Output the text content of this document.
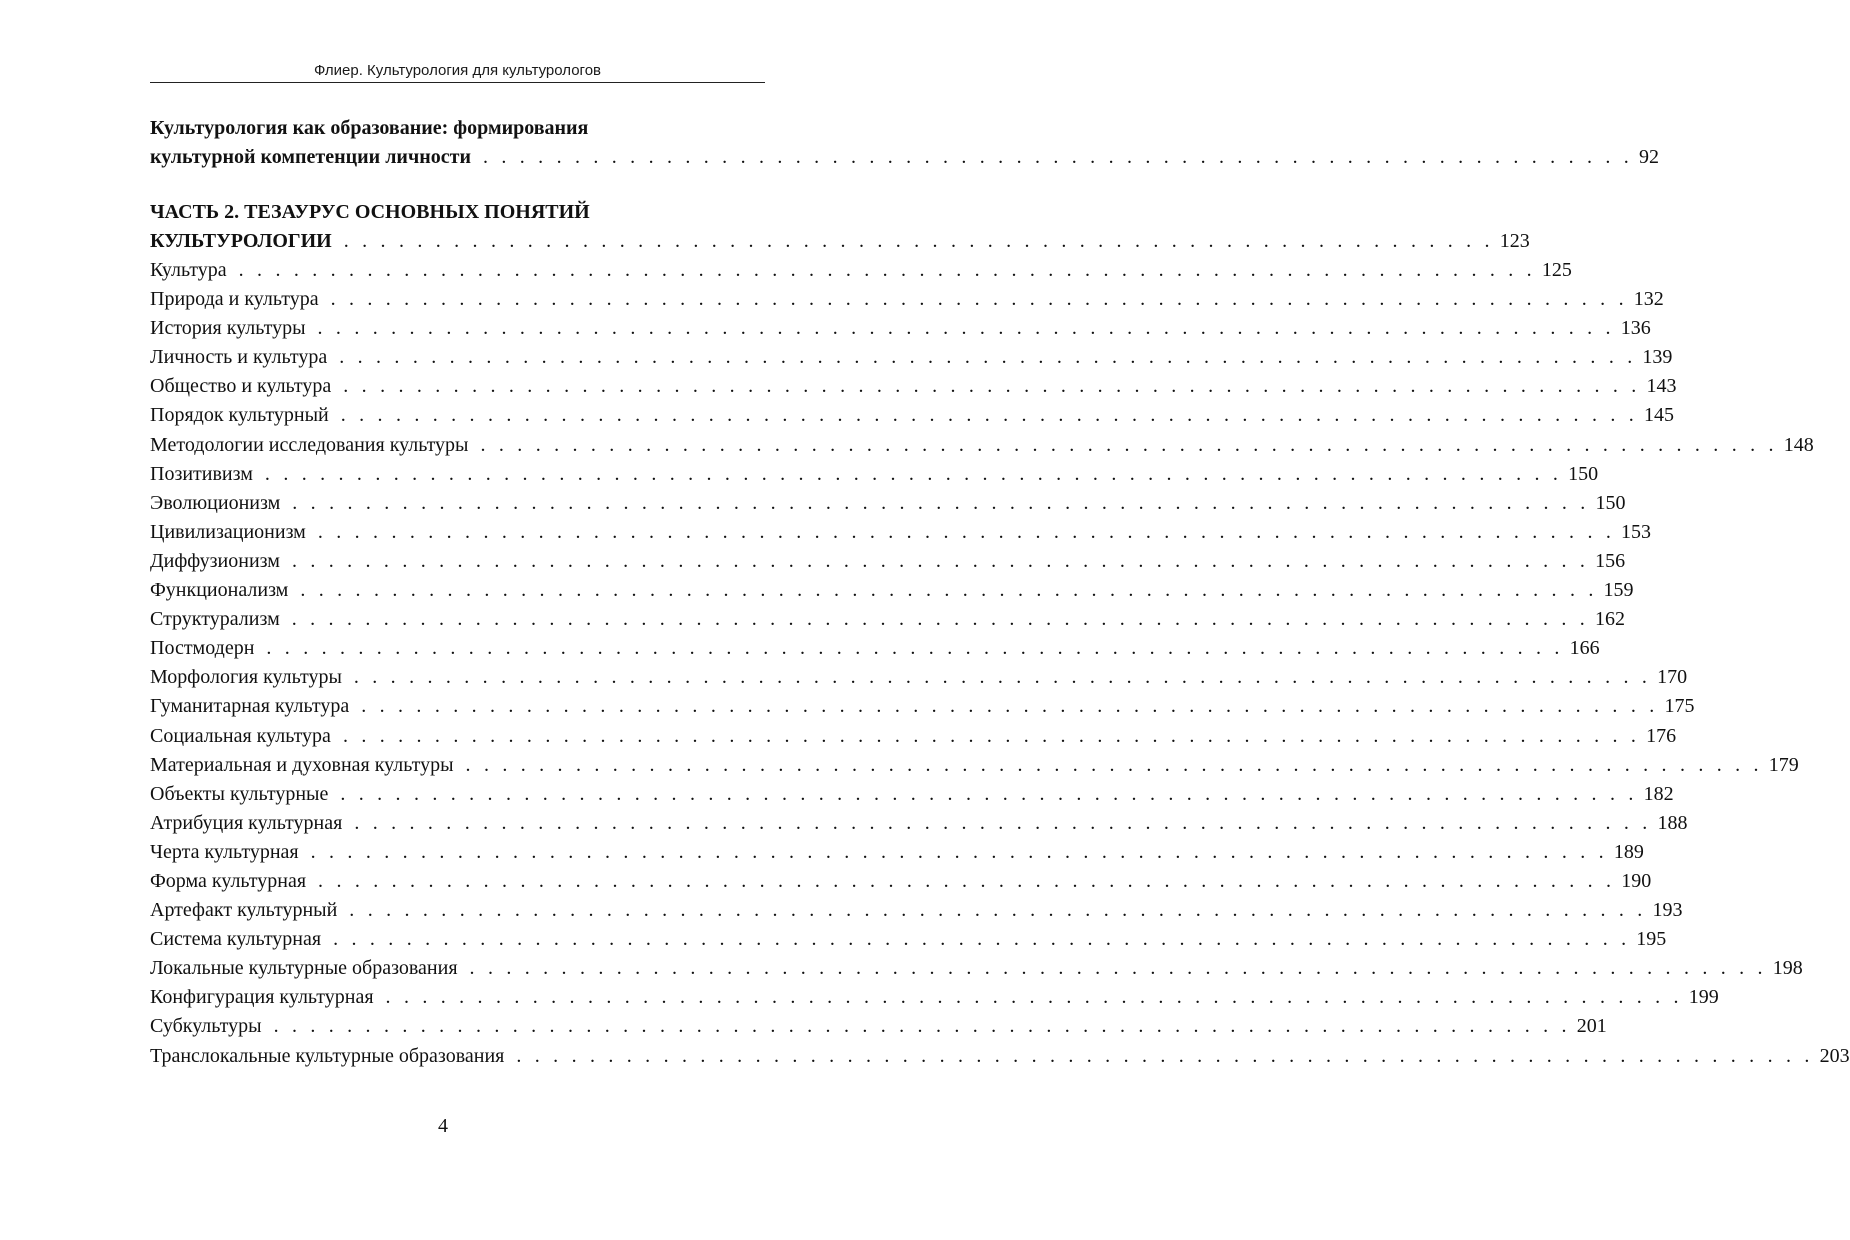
Флиер. Культурология для культурологов
Культурология как образование: формирования
культурной компетенции личности . . . . . . . . . . . . . . . . . . . . . . . . . . . . . . . . . . . . . . . . . . . . . . . . . . . . . . . . . . . . . . . 92
ЧАСТЬ 2. ТЕЗАУРУС ОСНОВНЫХ ПОНЯТИЙ
КУЛЬТУРОЛОГИИ . . . . . . . . . . . . . . . . . . . . . . . . . . . . . . . . . . . . . . . . . . . . . . . . . . . . . . . . . . . . . . . 123
Культура . . . . . . . . . . . . . . . . . . . . . . . . . . . . . . . . . . . . . . . . . . . . . . . . . . . . . . . . . . . . . . . . . . . . . . . 125
Природа и культура . . . . . . . . . . . . . . . . . . . . . . . . . . . . . . . . . . . . . . . . . . . . . . . . . . . . . . . . . . . . . . . . . . . . . . . 132
История культуры . . . . . . . . . . . . . . . . . . . . . . . . . . . . . . . . . . . . . . . . . . . . . . . . . . . . . . . . . . . . . . . . . . . . . . . 136
Личность и культура . . . . . . . . . . . . . . . . . . . . . . . . . . . . . . . . . . . . . . . . . . . . . . . . . . . . . . . . . . . . . . . . . . . . . . . 139
Общество и культура . . . . . . . . . . . . . . . . . . . . . . . . . . . . . . . . . . . . . . . . . . . . . . . . . . . . . . . . . . . . . . . . . . . . . . . 143
Порядок культурный . . . . . . . . . . . . . . . . . . . . . . . . . . . . . . . . . . . . . . . . . . . . . . . . . . . . . . . . . . . . . . . . . . . . . . . 145
Методологии исследования культуры . . . . . . . . . . . . . . . . . . . . . . . . . . . . . . . . . . . . . . . . . . . . . . . . . . . . . . . . . . . . . . . . . . . . . . . 148
Позитивизм . . . . . . . . . . . . . . . . . . . . . . . . . . . . . . . . . . . . . . . . . . . . . . . . . . . . . . . . . . . . . . . . . . . . . . . 150
Эволюционизм . . . . . . . . . . . . . . . . . . . . . . . . . . . . . . . . . . . . . . . . . . . . . . . . . . . . . . . . . . . . . . . . . . . . . . . 150
Цивилизационизм . . . . . . . . . . . . . . . . . . . . . . . . . . . . . . . . . . . . . . . . . . . . . . . . . . . . . . . . . . . . . . . . . . . . . . . 153
Диффузионизм . . . . . . . . . . . . . . . . . . . . . . . . . . . . . . . . . . . . . . . . . . . . . . . . . . . . . . . . . . . . . . . . . . . . . . . 156
Функционализм . . . . . . . . . . . . . . . . . . . . . . . . . . . . . . . . . . . . . . . . . . . . . . . . . . . . . . . . . . . . . . . . . . . . . . . 159
Структурализм . . . . . . . . . . . . . . . . . . . . . . . . . . . . . . . . . . . . . . . . . . . . . . . . . . . . . . . . . . . . . . . . . . . . . . . 162
Постмодерн . . . . . . . . . . . . . . . . . . . . . . . . . . . . . . . . . . . . . . . . . . . . . . . . . . . . . . . . . . . . . . . . . . . . . . . 166
Морфология культуры . . . . . . . . . . . . . . . . . . . . . . . . . . . . . . . . . . . . . . . . . . . . . . . . . . . . . . . . . . . . . . . . . . . . . . . 170
Гуманитарная культура . . . . . . . . . . . . . . . . . . . . . . . . . . . . . . . . . . . . . . . . . . . . . . . . . . . . . . . . . . . . . . . . . . . . . . . 175
Социальная культура . . . . . . . . . . . . . . . . . . . . . . . . . . . . . . . . . . . . . . . . . . . . . . . . . . . . . . . . . . . . . . . . . . . . . . . 176
Материальная и духовная культуры . . . . . . . . . . . . . . . . . . . . . . . . . . . . . . . . . . . . . . . . . . . . . . . . . . . . . . . . . . . . . . . . . . . . . . . 179
Объекты культурные . . . . . . . . . . . . . . . . . . . . . . . . . . . . . . . . . . . . . . . . . . . . . . . . . . . . . . . . . . . . . . . . . . . . . . . 182
Атрибуция культурная . . . . . . . . . . . . . . . . . . . . . . . . . . . . . . . . . . . . . . . . . . . . . . . . . . . . . . . . . . . . . . . . . . . . . . . 188
Черта культурная . . . . . . . . . . . . . . . . . . . . . . . . . . . . . . . . . . . . . . . . . . . . . . . . . . . . . . . . . . . . . . . . . . . . . . . 189
Форма культурная . . . . . . . . . . . . . . . . . . . . . . . . . . . . . . . . . . . . . . . . . . . . . . . . . . . . . . . . . . . . . . . . . . . . . . . 190
Артефакт культурный . . . . . . . . . . . . . . . . . . . . . . . . . . . . . . . . . . . . . . . . . . . . . . . . . . . . . . . . . . . . . . . . . . . . . . . 193
Система культурная . . . . . . . . . . . . . . . . . . . . . . . . . . . . . . . . . . . . . . . . . . . . . . . . . . . . . . . . . . . . . . . . . . . . . . . 195
Локальные культурные образования . . . . . . . . . . . . . . . . . . . . . . . . . . . . . . . . . . . . . . . . . . . . . . . . . . . . . . . . . . . . . . . . . . . . . . . 198
Конфигурация культурная . . . . . . . . . . . . . . . . . . . . . . . . . . . . . . . . . . . . . . . . . . . . . . . . . . . . . . . . . . . . . . . . . . . . . . . 199
Субкультуры . . . . . . . . . . . . . . . . . . . . . . . . . . . . . . . . . . . . . . . . . . . . . . . . . . . . . . . . . . . . . . . . . . . . . . . 201
Транслокальные культурные образования . . . . . . . . . . . . . . . . . . . . . . . . . . . . . . . . . . . . . . . . . . . . . . . . . . . . . . . . . . . . . . . . . . . . . . . 203
4
